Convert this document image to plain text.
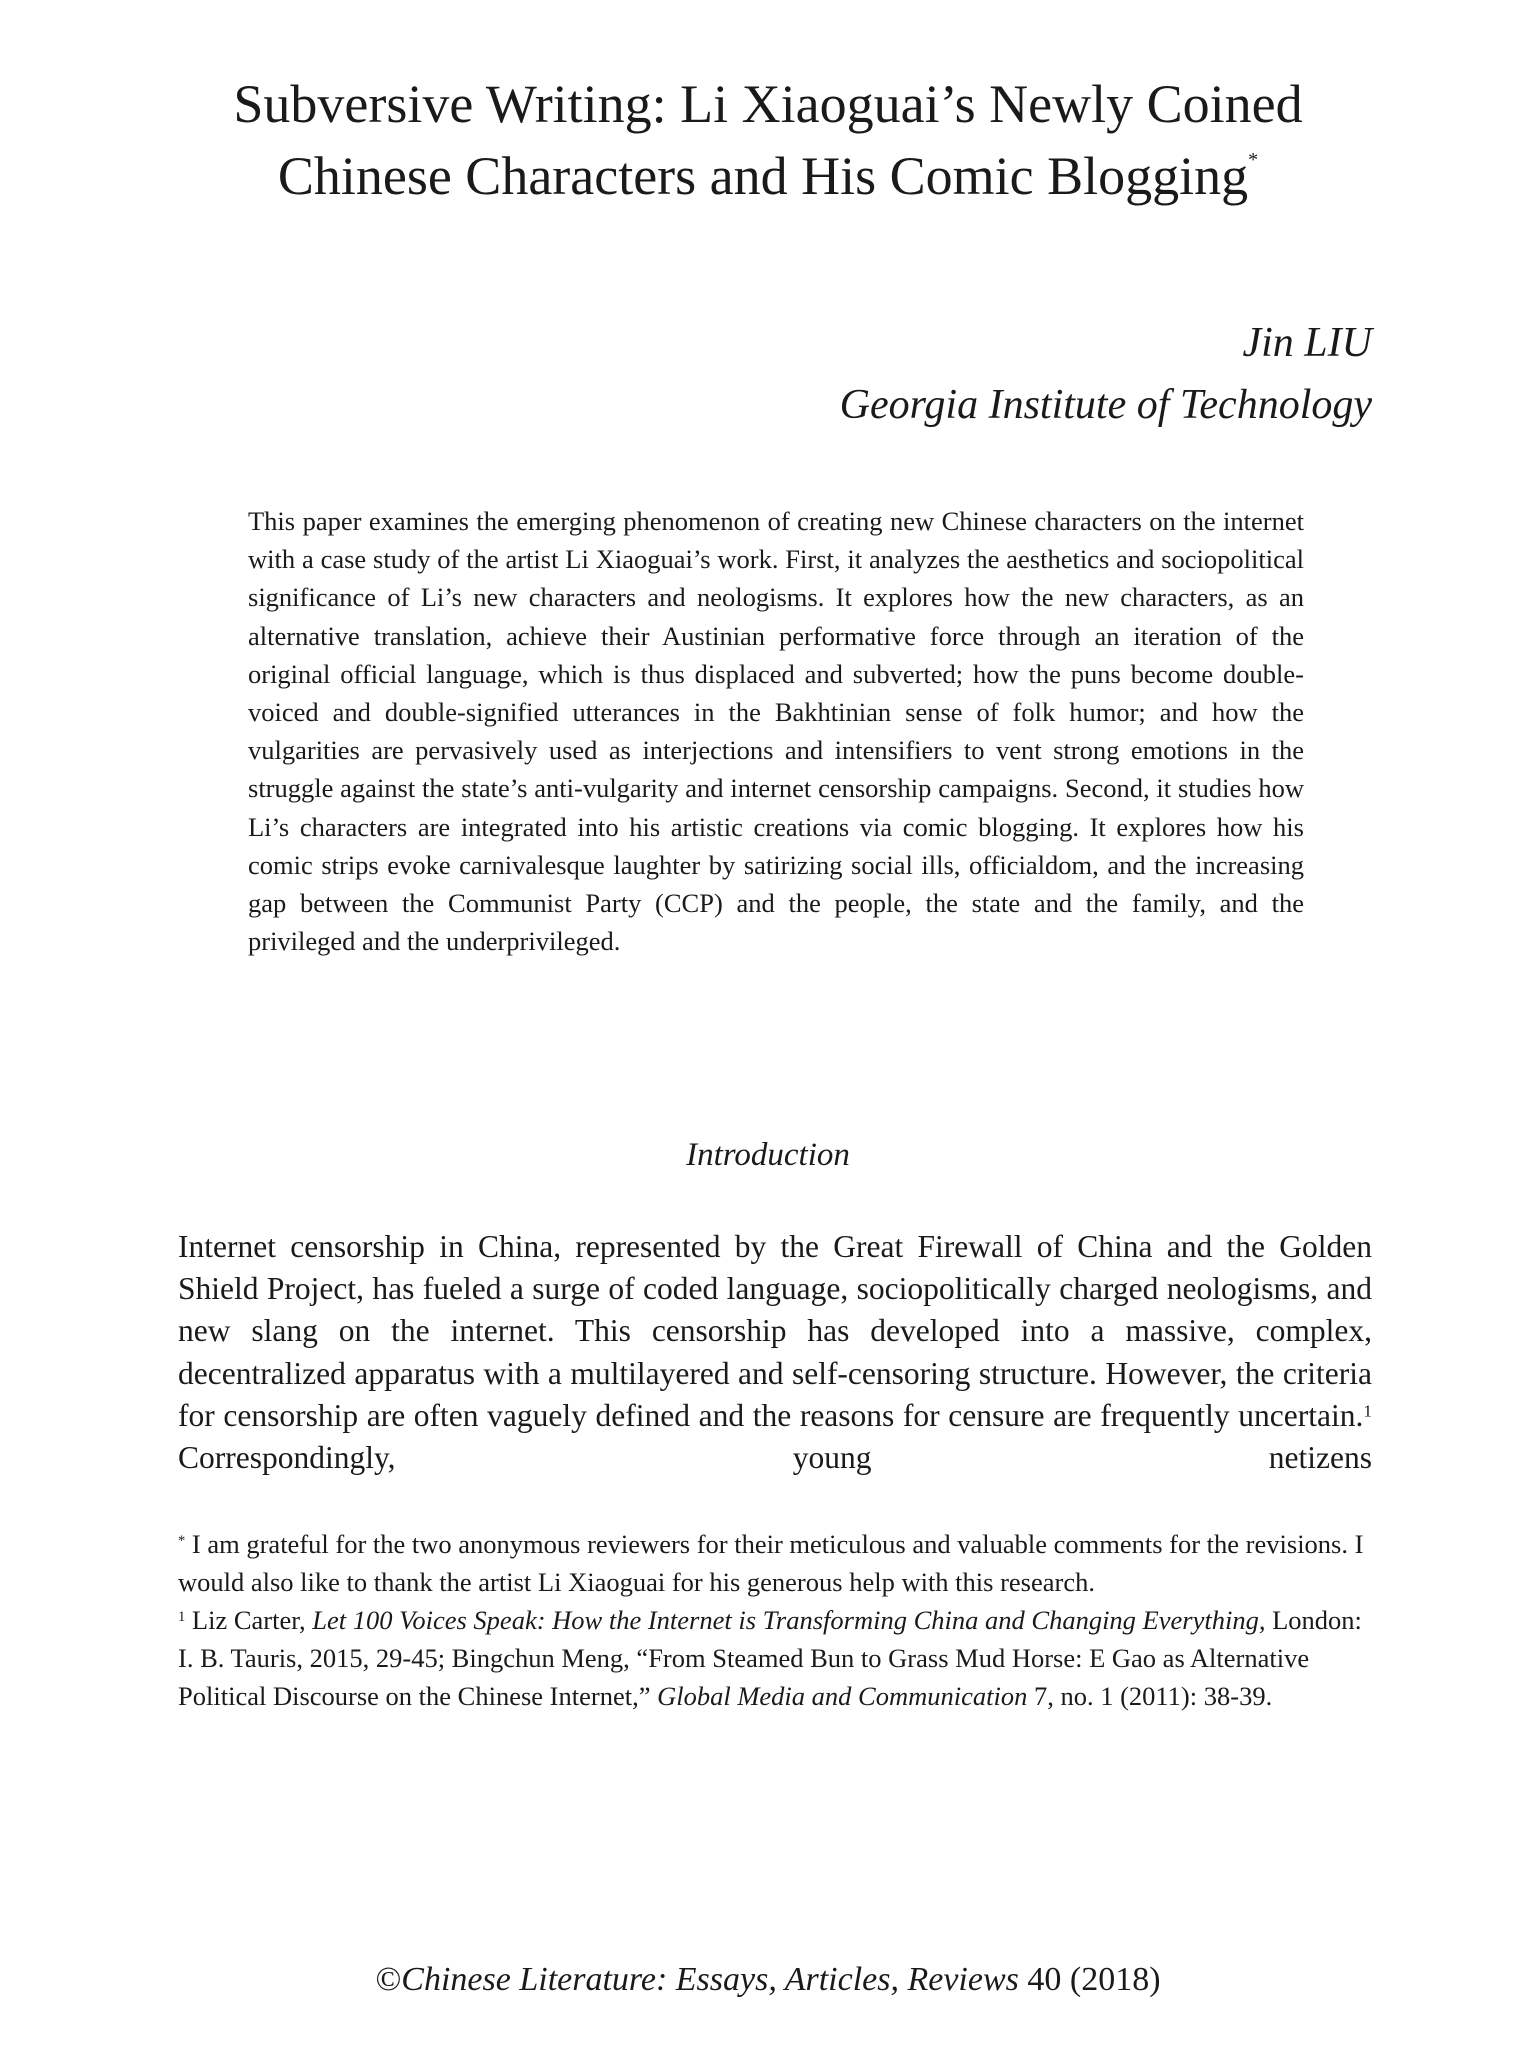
Subversive Writing: Li Xiaoguai’s Newly Coined
Chinese Characters and His Comic Blogging*
Jin LIU
Georgia Institute of Technology

This paper examines the emerging phenomenon of creating new Chinese characters on the internet with a case study of the artist Li Xiaoguai’s work. First, it analyzes the aesthetics and sociopolitical significance of Li’s new characters and neologisms. It explores how the new characters, as an alternative translation, achieve their Austinian performative force through an iteration of the original official language, which is thus displaced and subverted; how the puns become double-voiced and double-signified utterances in the Bakhtinian sense of folk humor; and how the vulgarities are pervasively used as interjections and intensifiers to vent strong emotions in the struggle against the state’s anti-vulgarity and internet censorship campaigns. Second, it studies how Li’s characters are integrated into his artistic creations via comic blogging. It explores how his comic strips evoke carnivalesque laughter by satirizing social ills, officialdom, and the increasing gap between the Communist Party (CCP) and the people, the state and the family, and the privileged and the underprivileged.

Introduction

Internet censorship in China, represented by the Great Firewall of China and the Golden Shield Project, has fueled a surge of coded language, sociopolitically charged neologisms, and new slang on the internet. This censorship has developed into a massive, complex, decentralized apparatus with a multilayered and self-censoring structure. However, the criteria for censorship are often vaguely defined and the reasons for censure are frequently uncertain.$^1$ Correspondingly, young netizens

* I am grateful for the two anonymous reviewers for their meticulous and valuable comments for the revisions. I would also like to thank the artist Li Xiaoguai for his generous help with this research.

$^1$ Liz Carter, Let 100 Voices Speak: How the Internet is Transforming China and Changing Everything, London: I. B. Tauris, 2015, 29-45; Bingchun Meng, “From Steamed Bun to Grass Mud Horse: E Gao as Alternative Political Discourse on the Chinese Internet,” Global Media and Communication 7, no. 1 (2011): 38-39.

©Chinese Literature: Essays, Articles, Reviews 40 (2018)
